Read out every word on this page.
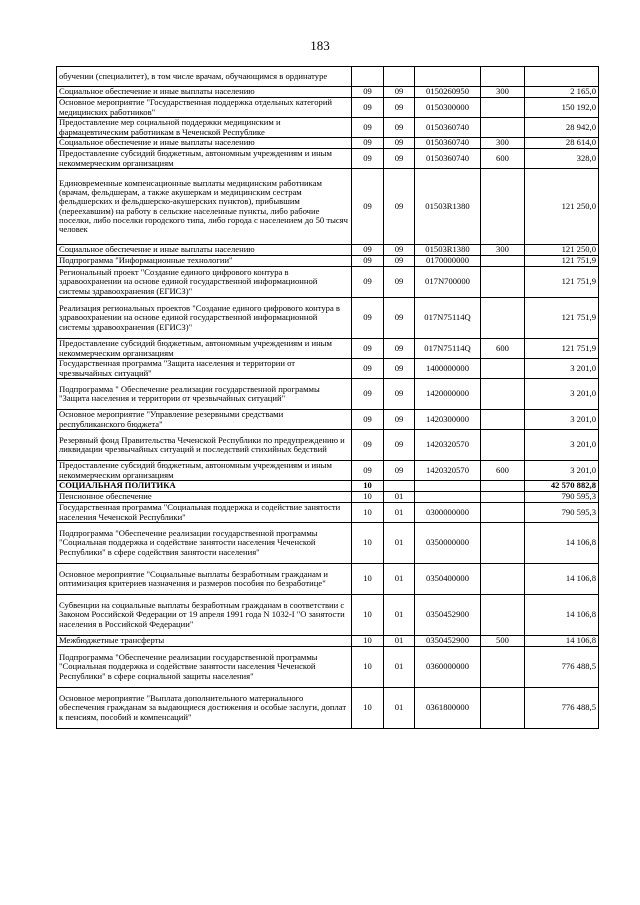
183
обучении (специалитет), в том числе врачам, обучающимся в ординатуре					
Социальное обеспечение и иные выплаты населению	09	09	0150260950	300	2 165,0
Основное мероприятие "Государственная поддержка отдельных категорий медицинских работников"	09	09	0150300000		150 192,0
Предоставление мер социальной поддержки медицинским и фармацевтическим работникам в Чеченской Республике	09	09	0150360740		28 942,0
Социальное обеспечение и иные выплаты населению	09	09	0150360740	300	28 614,0
Предоставление субсидий бюджетным, автономным учреждениям и иным некоммерческим организациям	09	09	0150360740	600	328,0
Единовременные компенсационные выплаты медицинским работникам (врачам, фельдшерам, а также акушеркам и медицинским сестрам фельдшерских и фельдшерско-акушерских пунктов), прибывшим (переехавшим) на работу в сельские населенные пункты, либо рабочие поселки, либо поселки городского типа, либо города с населением до 50 тысяч человек	09	09	01503R1380		121 250,0
Социальное обеспечение и иные выплаты населению	09	09	01503R1380	300	121 250,0
Подпрограмма "Информационные технологии"	09	09	0170000000		121 751,9
Региональный проект "Создание единого цифрового контура в здравоохранении на основе единой государственной информационной системы здравоохранения (ЕГИСЗ)"	09	09	017N700000		121 751,9
Реализация региональных проектов "Создание единого цифрового контура в здравоохранении на основе единой государственной информационной системы здравоохранения (ЕГИСЗ)"	09	09	017N75114Q		121 751,9
Предоставление субсидий бюджетным, автономным учреждениям и иным некоммерческим организациям	09	09	017N75114Q	600	121 751,9
Государственная программа "Защита населения и территории от чрезвычайных ситуаций"	09	09	1400000000		3 201,0
Подпрограмма " Обеспечение реализации государственной программы "Защита населения и территории от чрезвычайных ситуаций"	09	09	1420000000		3 201,0
Основное мероприятие "Управление резервными средствами республиканского бюджета"	09	09	1420300000		3 201,0
Резервный фонд Правительства Чеченской Республики по предупреждению и ликвидации чрезвычайных ситуаций и последствий стихийных бедствий	09	09	1420320570		3 201,0
Предоставление субсидий бюджетным, автономным учреждениям и иным некоммерческим организациям	09	09	1420320570	600	3 201,0
СОЦИАЛЬНАЯ ПОЛИТИКА	10				42 570 882,8
Пенсионное обеспечение	10	01			790 595,3
Государственная программа "Социальная поддержка и содействие занятости населения Чеченской Республики"	10	01	0300000000		790 595,3
Подпрограмма "Обеспечение реализации государственной программы "Социальная поддержка и содействие занятости населения Чеченской Республики" в сфере содействия занятости населения"	10	01	0350000000		14 106,8
Основное мероприятие "Социальные выплаты безработным гражданам и оптимизация критериев назначения и размеров пособия по безработице"	10	01	0350400000		14 106,8
Субвенции на социальные выплаты безработным гражданам в соответствии с Законом Российской Федерации от 19 апреля 1991 года N 1032-I "О занятости населения в Российской Федерации"	10	01	0350452900		14 106,8
Межбюджетные трансферты	10	01	0350452900	500	14 106,8
Подпрограмма "Обеспечение реализации государственной программы "Социальная поддержка и содействие занятости населения Чеченской Республики" в сфере социальной защиты населения"	10	01	0360000000		776 488,5
Основное мероприятие "Выплата дополнительного материального обеспечения гражданам за выдающиеся достижения и особые заслуги, доплат к пенсиям, пособий и компенсаций"	10	01	0361800000		776 488,5
